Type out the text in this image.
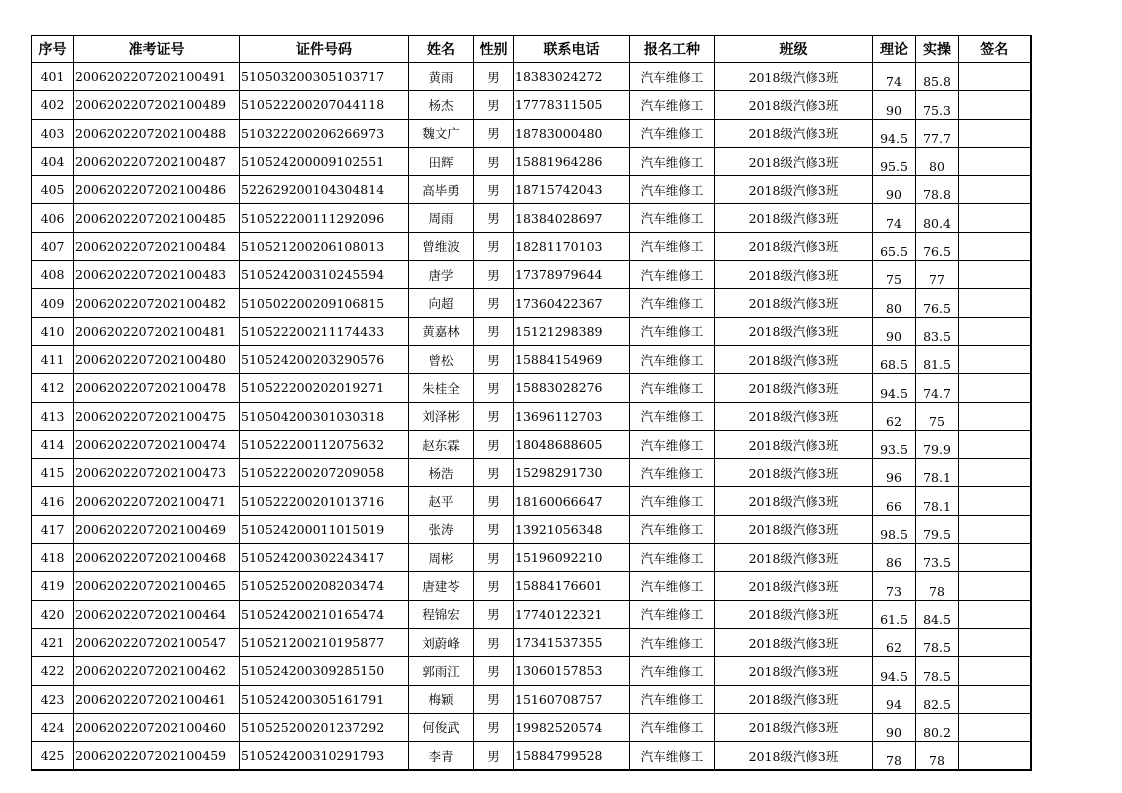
序号	准考证号	证件号码	姓名	性别	联系电话	报名工种	班级	理论	实操	签名
401	2006202207202100491	510503200305103717	黄雨	男	18383024272	汽车维修工	2018级汽修3班	74	85.8	
402	2006202207202100489	510522200207044118	杨杰	男	17778311505	汽车维修工	2018级汽修3班	90	75.3	
403	2006202207202100488	510322200206266973	魏文广	男	18783000480	汽车维修工	2018级汽修3班	94.5	77.7	
404	2006202207202100487	510524200009102551	田辉	男	15881964286	汽车维修工	2018级汽修3班	95.5	80	
405	2006202207202100486	522629200104304814	高毕勇	男	18715742043	汽车维修工	2018级汽修3班	90	78.8	
406	2006202207202100485	510522200111292096	周雨	男	18384028697	汽车维修工	2018级汽修3班	74	80.4	
407	2006202207202100484	510521200206108013	曾维波	男	18281170103	汽车维修工	2018级汽修3班	65.5	76.5	
408	2006202207202100483	510524200310245594	唐学	男	17378979644	汽车维修工	2018级汽修3班	75	77	
409	2006202207202100482	510502200209106815	向超	男	17360422367	汽车维修工	2018级汽修3班	80	76.5	
410	2006202207202100481	510522200211174433	黄嘉林	男	15121298389	汽车维修工	2018级汽修3班	90	83.5	
411	2006202207202100480	510524200203290576	曾松	男	15884154969	汽车维修工	2018级汽修3班	68.5	81.5	
412	2006202207202100478	510522200202019271	朱桂全	男	15883028276	汽车维修工	2018级汽修3班	94.5	74.7	
413	2006202207202100475	510504200301030318	刘泽彬	男	13696112703	汽车维修工	2018级汽修3班	62	75	
414	2006202207202100474	510522200112075632	赵东霖	男	18048688605	汽车维修工	2018级汽修3班	93.5	79.9	
415	2006202207202100473	510522200207209058	杨浩	男	15298291730	汽车维修工	2018级汽修3班	96	78.1	
416	2006202207202100471	510522200201013716	赵平	男	18160066647	汽车维修工	2018级汽修3班	66	78.1	
417	2006202207202100469	510524200011015019	张涛	男	13921056348	汽车维修工	2018级汽修3班	98.5	79.5	
418	2006202207202100468	510524200302243417	周彬	男	15196092210	汽车维修工	2018级汽修3班	86	73.5	
419	2006202207202100465	510525200208203474	唐建苓	男	15884176601	汽车维修工	2018级汽修3班	73	78	
420	2006202207202100464	510524200210165474	程锦宏	男	17740122321	汽车维修工	2018级汽修3班	61.5	84.5	
421	2006202207202100547	510521200210195877	刘蔚峰	男	17341537355	汽车维修工	2018级汽修3班	62	78.5	
422	2006202207202100462	510524200309285150	郭雨江	男	13060157853	汽车维修工	2018级汽修3班	94.5	78.5	
423	2006202207202100461	510524200305161791	梅颖	男	15160708757	汽车维修工	2018级汽修3班	94	82.5	
424	2006202207202100460	510525200201237292	何俊武	男	19982520574	汽车维修工	2018级汽修3班	90	80.2	
425	2006202207202100459	510524200310291793	李青	男	15884799528	汽车维修工	2018级汽修3班	78	78	
